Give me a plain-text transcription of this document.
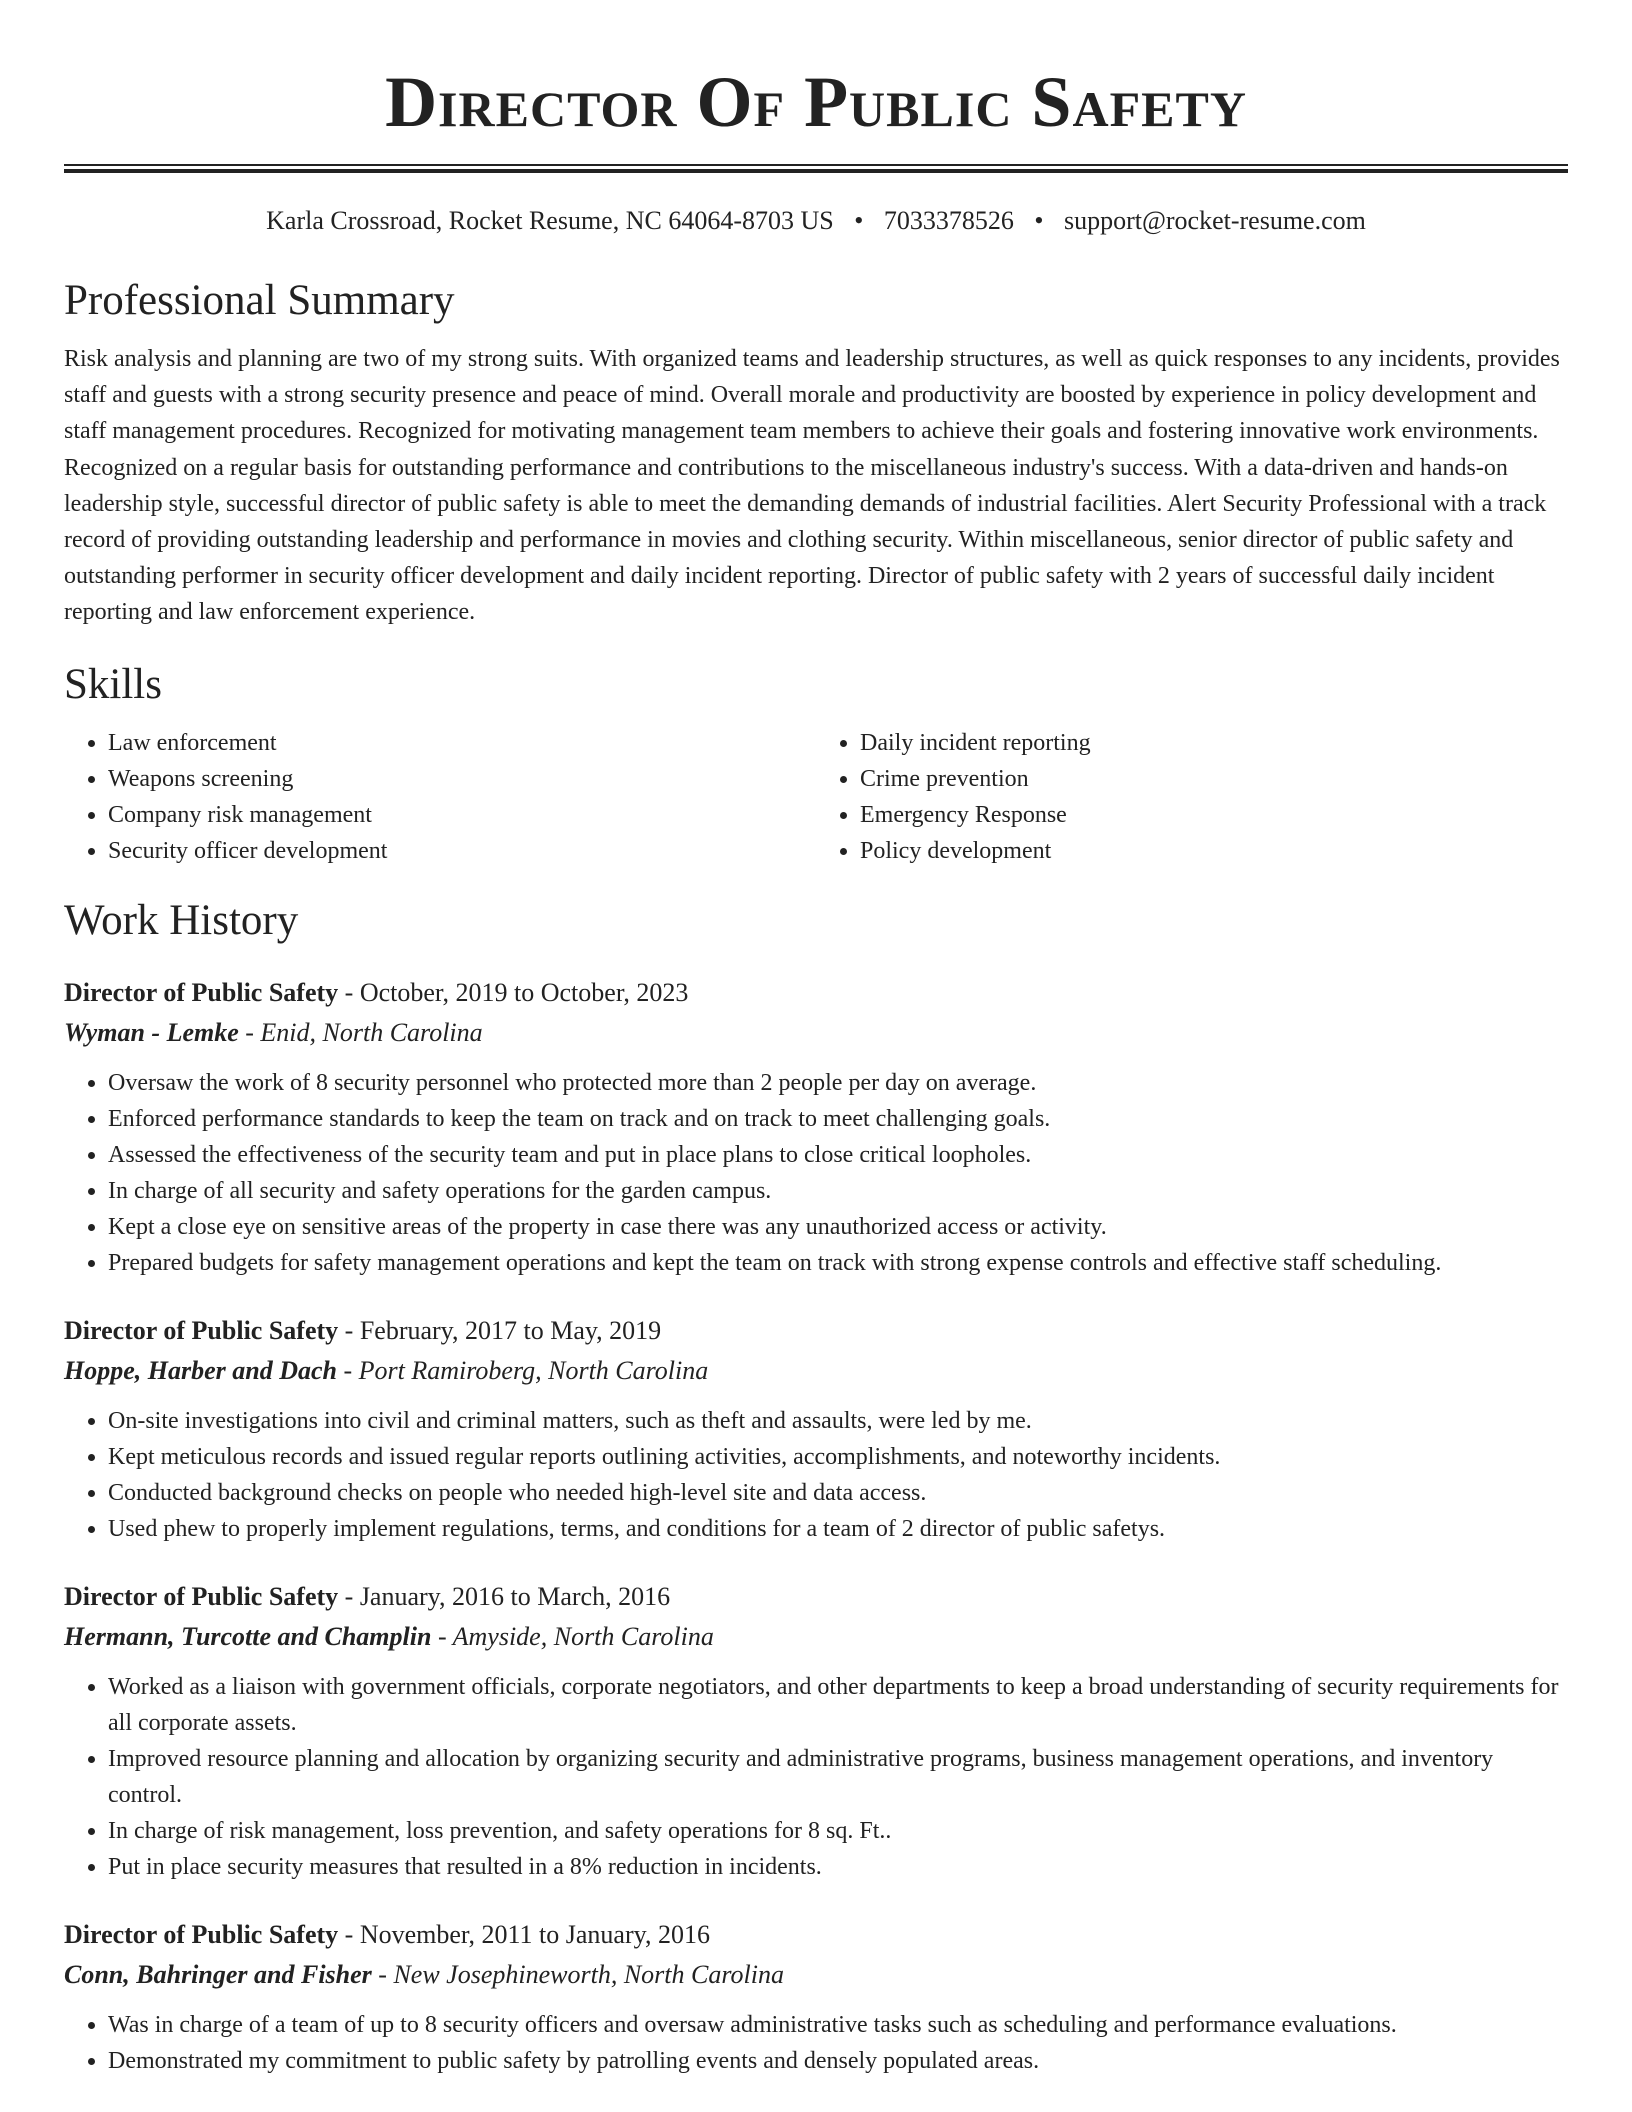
Director Of Public Safety
Karla Crossroad, Rocket Resume, NC 64064-8703 US • 7033378526 • support@rocket-resume.com
Professional Summary

Risk analysis and planning are two of my strong suits. With organized teams and leadership structures, as well as quick responses to any incidents, provides staff and guests with a strong security presence and peace of mind. Overall morale and productivity are boosted by experience in policy development and staff management procedures. Recognized for motivating management team members to achieve their goals and fostering innovative work environments. Recognized on a regular basis for outstanding performance and contributions to the miscellaneous industry's success. With a data-driven and hands-on leadership style, successful director of public safety is able to meet the demanding demands of industrial facilities. Alert Security Professional with a track record of providing outstanding leadership and performance in movies and clothing security. Within miscellaneous, senior director of public safety and outstanding performer in security officer development and daily incident reporting. Director of public safety with 2 years of successful daily incident reporting and law enforcement experience.

Skills
• Law enforcement
• Weapons screening
• Company risk management
• Security officer development
• Daily incident reporting
• Crime prevention
• Emergency Response
• Policy development
Work History
Director of Public Safety - October, 2019 to October, 2023
Wyman - Lemke - Enid, North Carolina
• Oversaw the work of 8 security personnel who protected more than 2 people per day on average.
• Enforced performance standards to keep the team on track and on track to meet challenging goals.
• Assessed the effectiveness of the security team and put in place plans to close critical loopholes.
• In charge of all security and safety operations for the garden campus.
• Kept a close eye on sensitive areas of the property in case there was any unauthorized access or activity.
• Prepared budgets for safety management operations and kept the team on track with strong expense controls and effective staff scheduling.
Director of Public Safety - February, 2017 to May, 2019
Hoppe, Harber and Dach - Port Ramiroberg, North Carolina
• On-site investigations into civil and criminal matters, such as theft and assaults, were led by me.
• Kept meticulous records and issued regular reports outlining activities, accomplishments, and noteworthy incidents.
• Conducted background checks on people who needed high-level site and data access.
• Used phew to properly implement regulations, terms, and conditions for a team of 2 director of public safetys.
Director of Public Safety - January, 2016 to March, 2016
Hermann, Turcotte and Champlin - Amyside, North Carolina
• Worked as a liaison with government officials, corporate negotiators, and other departments to keep a broad understanding of security requirements for all corporate assets.
• Improved resource planning and allocation by organizing security and administrative programs, business management operations, and inventory control.
• In charge of risk management, loss prevention, and safety operations for 8 sq. Ft..
• Put in place security measures that resulted in a 8% reduction in incidents.
Director of Public Safety - November, 2011 to January, 2016
Conn, Bahringer and Fisher - New Josephineworth, North Carolina
• Was in charge of a team of up to 8 security officers and oversaw administrative tasks such as scheduling and performance evaluations.
• Demonstrated my commitment to public safety by patrolling events and densely populated areas.
